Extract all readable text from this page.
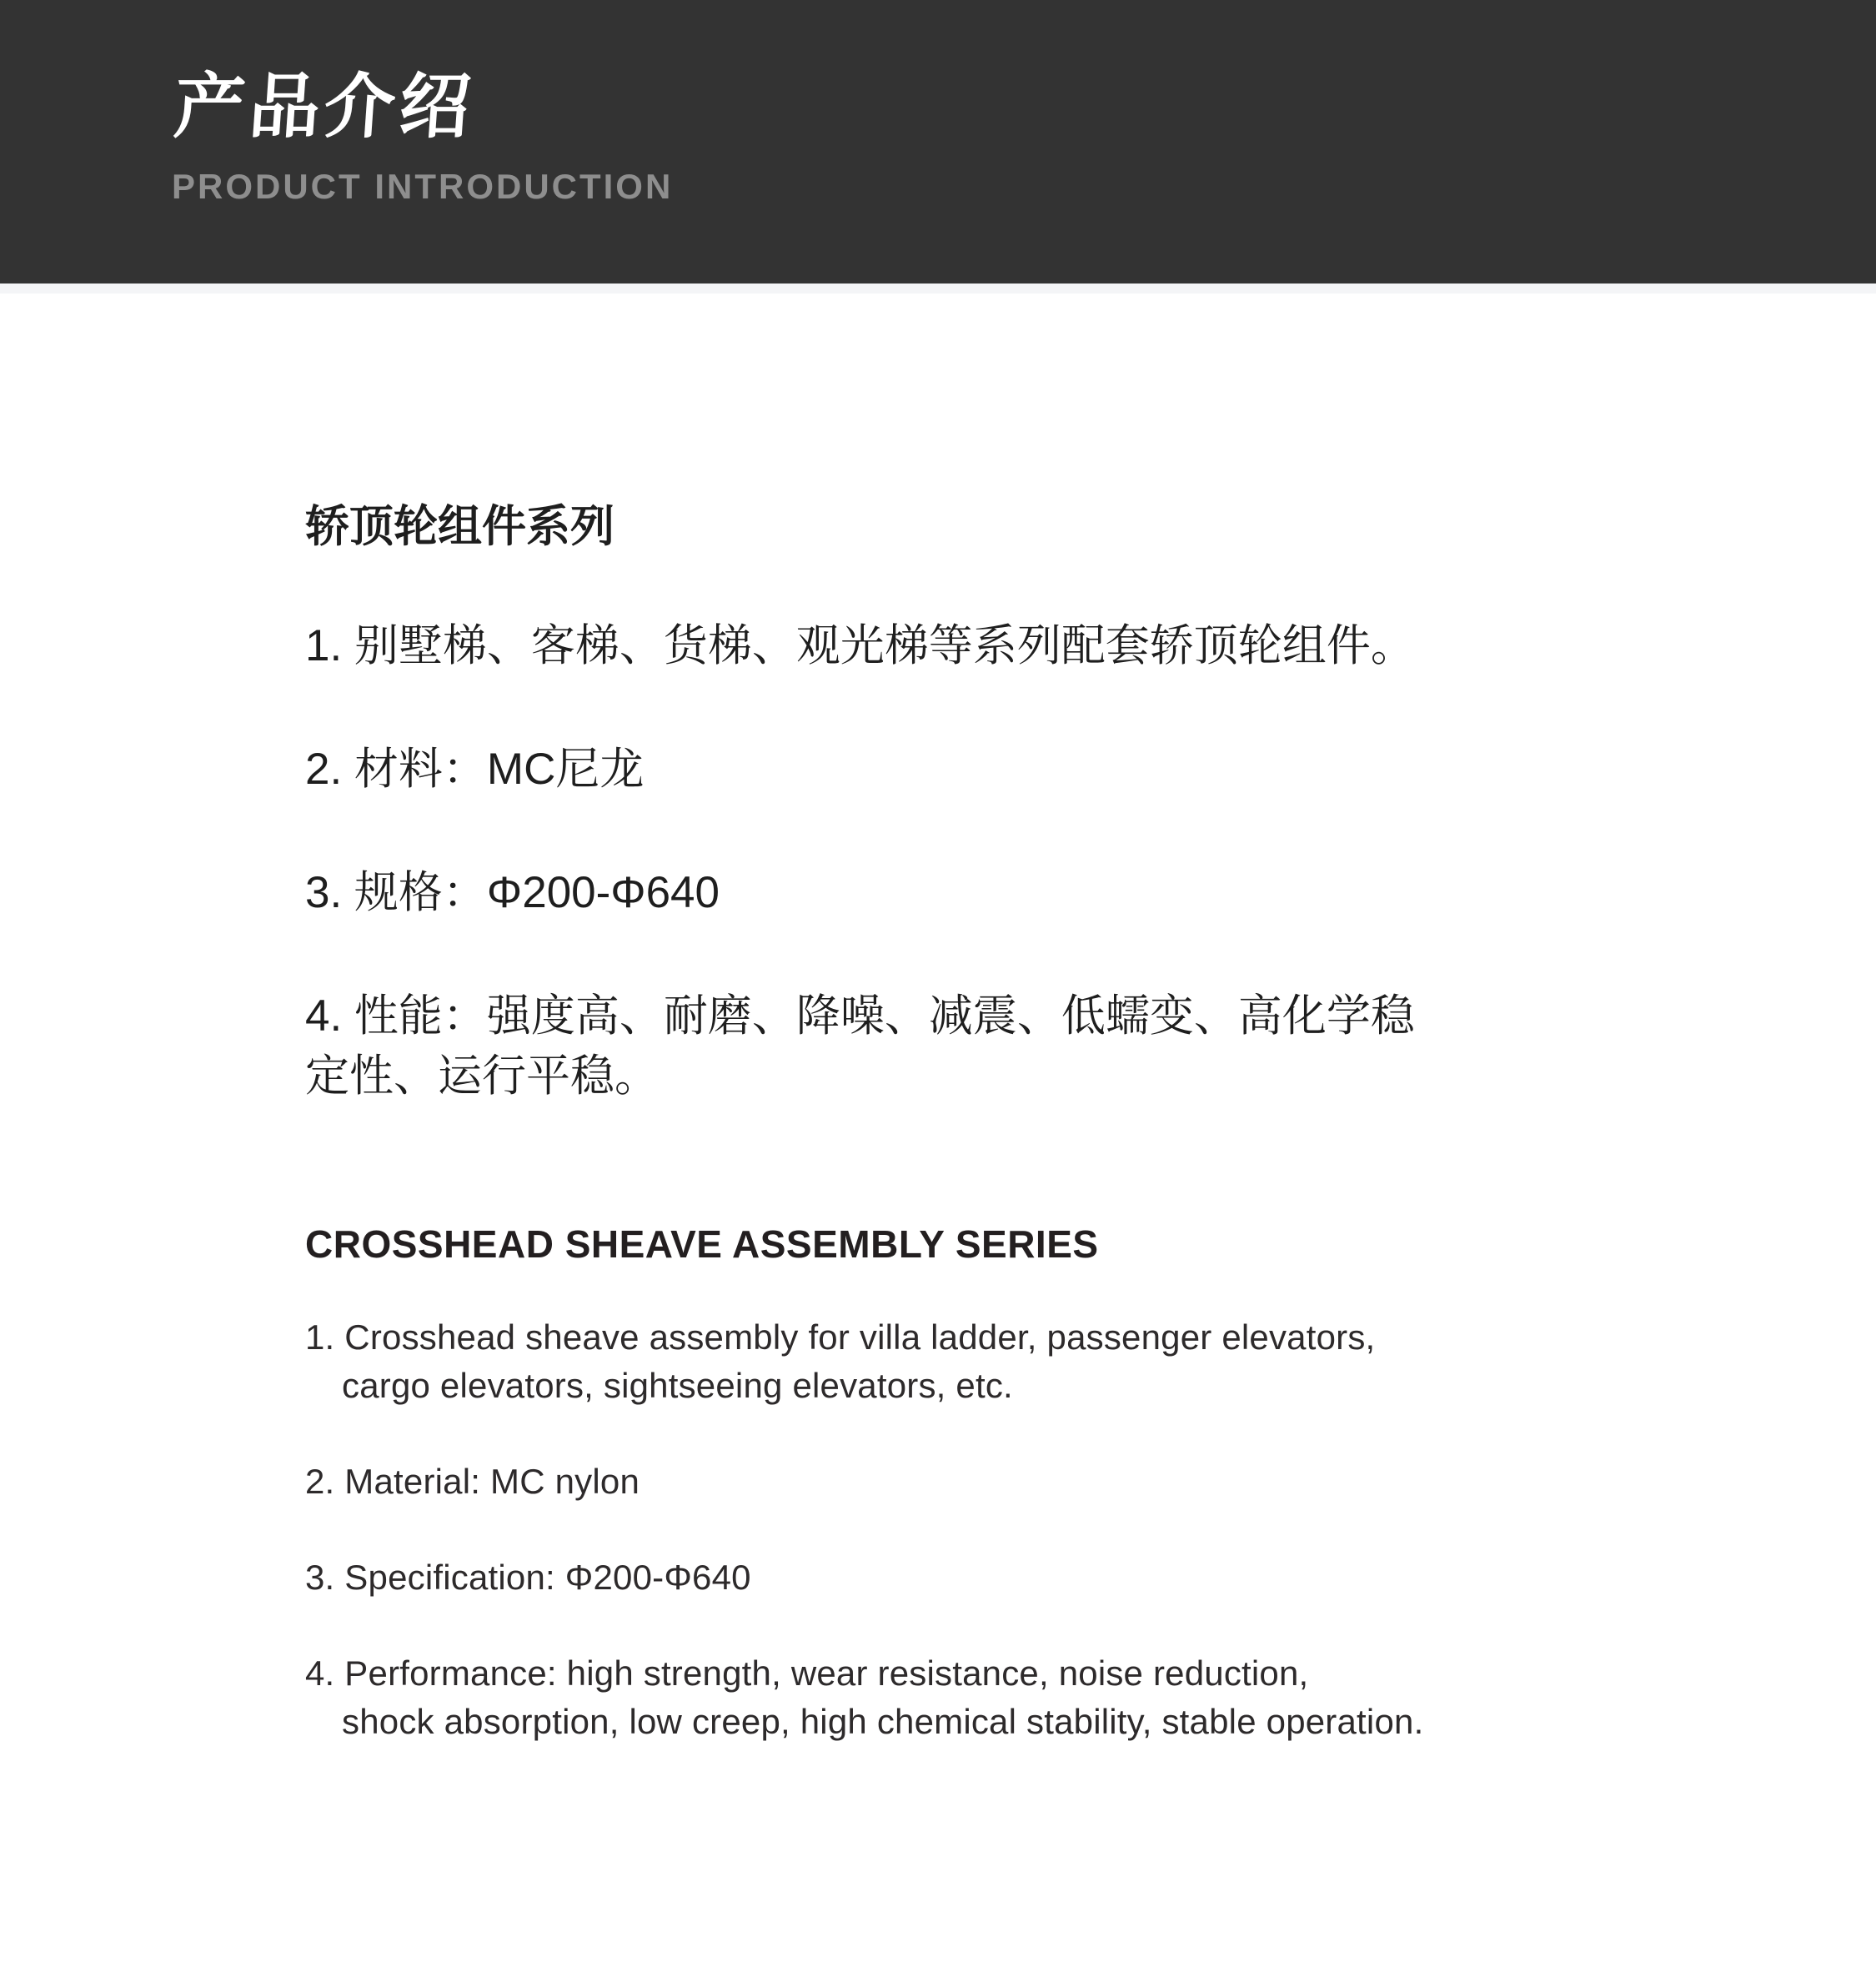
产品介绍
PRODUCT INTRODUCTION
轿顶轮组件系列

1. 别墅梯、客梯、货梯、观光梯等系列配套轿顶轮组件。

2. 材料：MC尼龙

3. 规格：Φ200-Φ640

4. 性能：强度高、耐磨、降噪、减震、低蠕变、高化学稳
定性、运行平稳。

CROSSHEAD SHEAVE ASSEMBLY SERIES

1. Crosshead sheave assembly for villa ladder, passenger elevators,
cargo elevators, sightseeing elevators, etc.

2. Material: MC nylon

3. Specification: Φ200-Φ640

4. Performance: high strength, wear resistance, noise reduction,
shock absorption, low creep, high chemical stability, stable operation.
